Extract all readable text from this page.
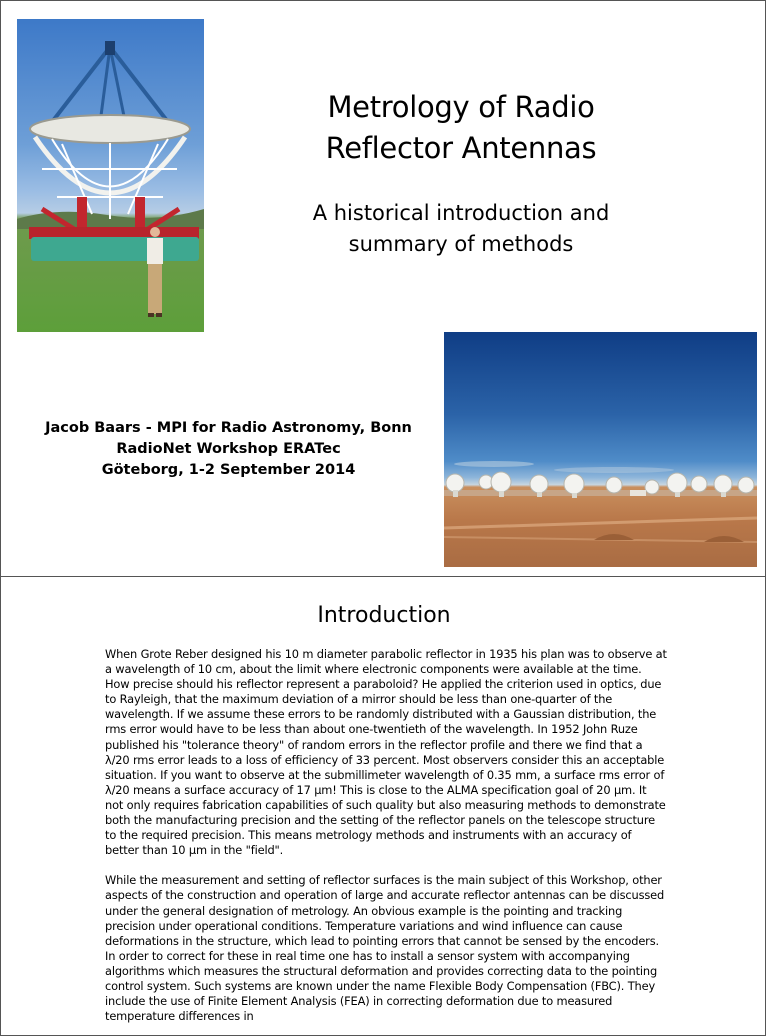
Metrology of Radio
Reflector Antennas
A historical introduction and
summary of methods
Jacob Baars - MPI for Radio Astronomy, Bonn
RadioNet Workshop ERATec
Göteborg, 1-2 September 2014
Introduction

When Grote Reber designed his 10 m diameter parabolic reflector in 1935 his plan was to observe at a wavelength of 10 cm, about the limit where electronic components were available at the time. How precise should his reflector represent a paraboloid? He applied the criterion used in optics, due to Rayleigh, that the maximum deviation of a mirror should be less than one-quarter of the wavelength. If we assume these errors to be randomly distributed with a Gaussian distribution, the rms error would have to be less than about one-twentieth of the wavelength. In 1952 John Ruze published his "tolerance theory" of random errors in the reflector profile and there we find that a λ/20 rms error leads to a loss of efficiency of 33 percent. Most observers consider this an acceptable situation. If you want to observe at the submillimeter wavelength of 0.35 mm, a surface rms error of λ/20 means a surface accuracy of 17 µm! This is close to the ALMA specification goal of 20 µm. It not only requires fabrication capabilities of such quality but also measuring methods to demonstrate both the manufacturing precision and the setting of the reflector panels on the telescope structure to the required precision. This means metrology methods and instruments with an accuracy of better than 10 µm in the "field".

While the measurement and setting of reflector surfaces is the main subject of this Workshop, other aspects of the construction and operation of large and accurate reflector antennas can be discussed under the general designation of metrology. An obvious example is the pointing and tracking precision under operational conditions. Temperature variations and wind influence can cause deformations in the structure, which lead to pointing errors that cannot be sensed by the encoders. In order to correct for these in real time one has to install a sensor system with accompanying algorithms which measures the structural deformation and provides correcting data to the pointing control system. Such systems are known under the name Flexible Body Compensation (FBC). They include the use of Finite Element Analysis (FEA) in correcting deformation due to measured temperature differences in
